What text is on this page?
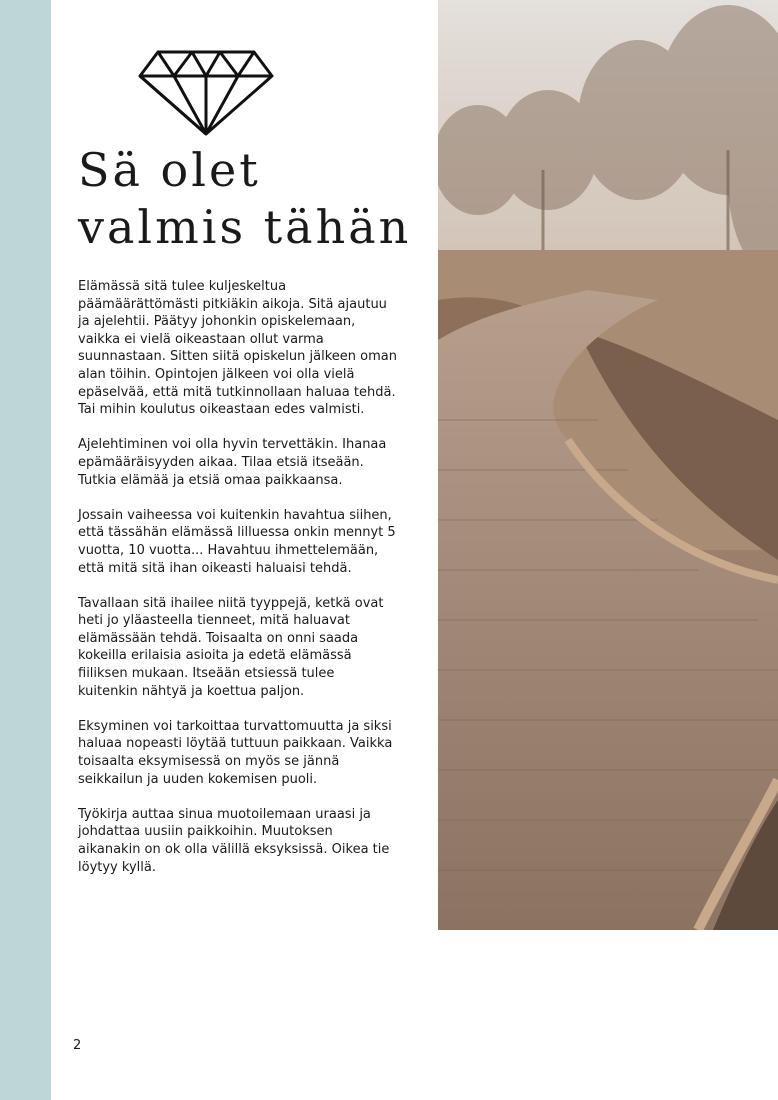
Sä olet
valmis tähän

Elämässä sitä tulee kuljeskeltua päämäärättömästi pitkiäkin aikoja. Sitä ajautuu ja ajelehtii. Päätyy johonkin opiskelemaan, vaikka ei vielä oikeastaan ollut varma suunnastaan. Sitten siitä opiskelun jälkeen oman alan töihin. Opintojen jälkeen voi olla vielä epäselvää, että mitä tutkinnollaan haluaa tehdä. Tai mihin koulutus oikeastaan edes valmisti.

Ajelehtiminen voi olla hyvin tervettäkin. Ihanaa epämääräisyyden aikaa. Tilaa etsiä itseään. Tutkia elämää ja etsiä omaa paikkaansa.

Jossain vaiheessa voi kuitenkin havahtua siihen, että tässähän elämässä lilluessa onkin mennyt 5 vuotta, 10 vuotta... Havahtuu ihmettelemään, että mitä sitä ihan oikeasti haluaisi tehdä.

Tavallaan sitä ihailee niitä tyyppejä, ketkä ovat heti jo yläasteella tienneet, mitä haluavat elämässään tehdä. Toisaalta on onni saada kokeilla erilaisia asioita ja edetä elämässä fiiliksen mukaan. Itseään etsiessä tulee kuitenkin nähtyä ja koettua paljon.

Eksyminen voi tarkoittaa turvattomuutta ja siksi haluaa nopeasti löytää tuttuun paikkaan. Vaikka toisaalta eksymisessä on myös se jännä seikkailun ja uuden kokemisen puoli.

Työkirja auttaa sinua muotoilemaan uraasi ja johdattaa uusiin paikkoihin. Muutoksen aikanakin on ok olla välillä eksyksissä. Oikea tie löytyy kyllä.

2
